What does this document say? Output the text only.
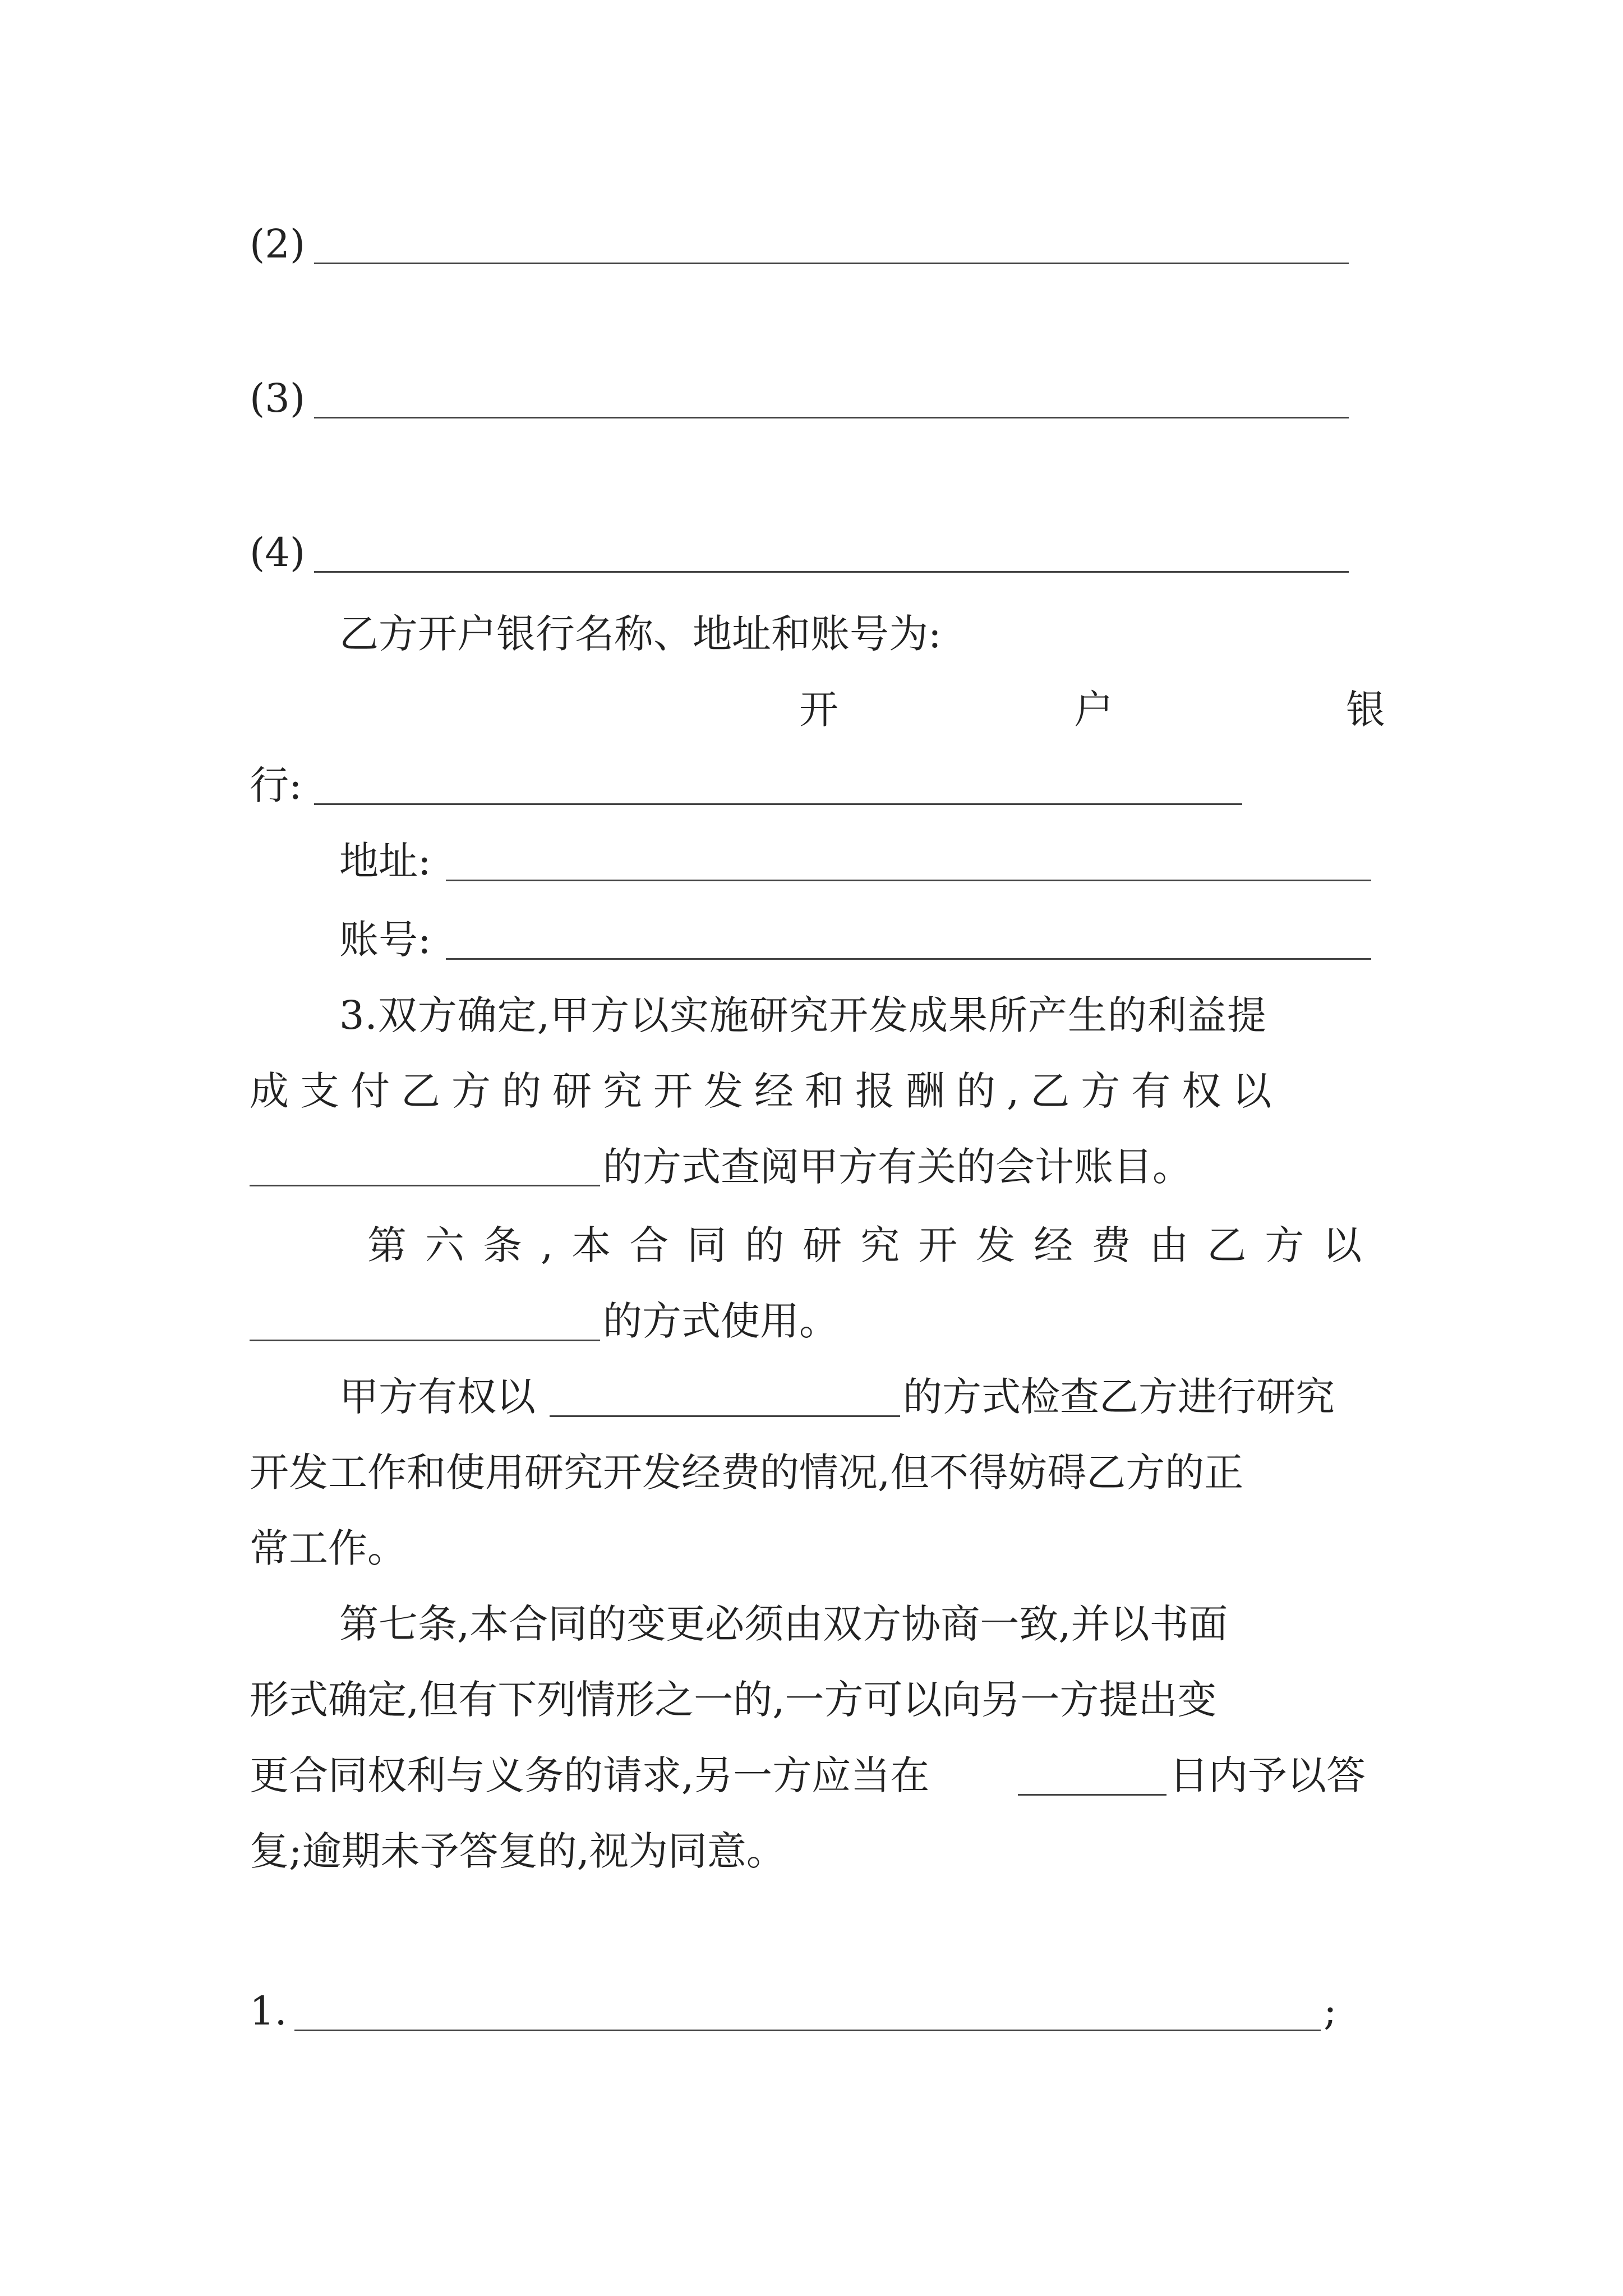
(2)
(3)
(4)
乙方开户银行名称、地址和账号为:
开	户	银
行:
地址:
账号:
3.双方确定,甲方以实施研究开发成果所产生的利益提
成支付乙方的研究开发经和报酬的,乙方有权以
的方式查阅甲方有关的会计账目。
第六条,本合同的研究开发经费由乙方以
的方式使用。
甲方有权以	的方式检查乙方进行研究
开发工作和使用研究开发经费的情况,但不得妨碍乙方的正
常工作。
第七条,本合同的变更必须由双方协商一致,并以书面
形式确定,但有下列情形之一的,一方可以向另一方提出变
更合同权利与义务的请求,另一方应当在	日内予以答
复;逾期未予答复的,视为同意。
1.	;
